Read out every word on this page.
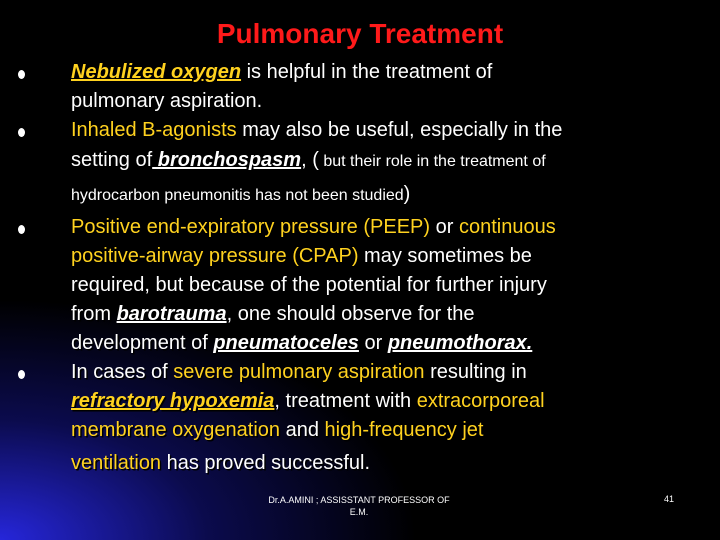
Pulmonary Treatment
Nebulized oxygen is helpful in the treatment of
pulmonary aspiration.
Inhaled B-agonists may also be useful, especially in the
setting of bronchospasm, ( but their role in the treatment of
hydrocarbon pneumonitis has not been studied)
Positive end-expiratory pressure (PEEP) or continuous
positive-airway pressure (CPAP) may sometimes be
required, but because of the potential for further injury
from barotrauma, one should observe for the
development of pneumatoceles or pneumothorax.
In cases of severe pulmonary aspiration resulting in
refractory hypoxemia, treatment with extracorporeal
membrane oxygenation and high-frequency jet
ventilation has proved successful.
Dr.A.AMINI ; ASSISSTANT PROFESSOR OF
E.M.
41
